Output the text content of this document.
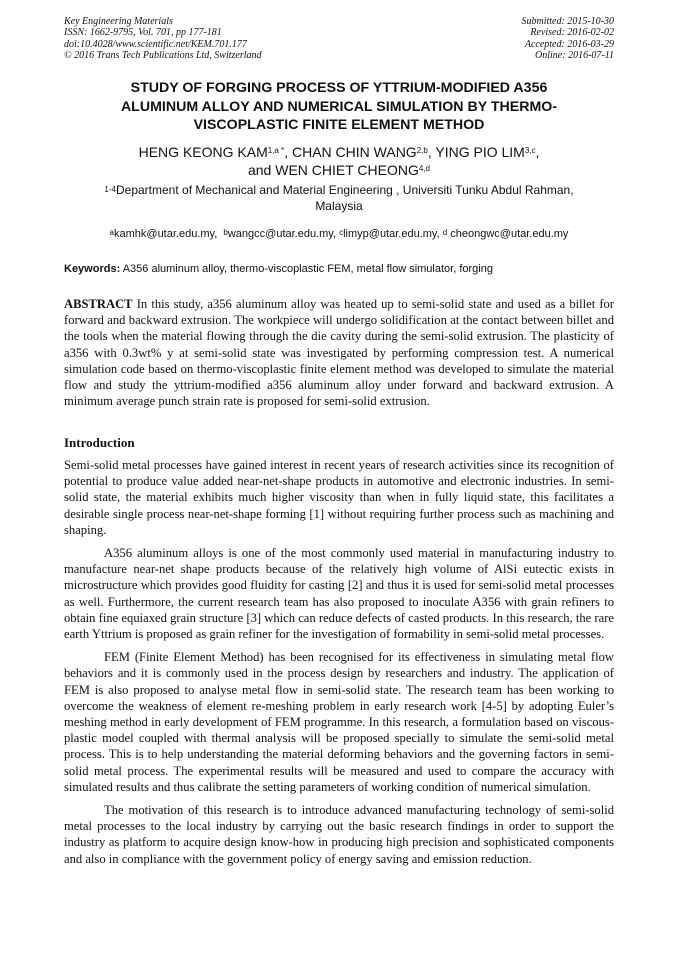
Key Engineering Materials
ISSN: 1662-9795, Vol. 701, pp 177-181
doi:10.4028/www.scientific.net/KEM.701.177
© 2016 Trans Tech Publications Ltd, Switzerland
Submitted: 2015-10-30
Revised: 2016-02-02
Accepted: 2016-03-29
Online: 2016-07-11
STUDY OF FORGING PROCESS OF YTTRIUM-MODIFIED A356
ALUMINUM ALLOY AND NUMERICAL SIMULATION BY THERMO-
VISCOPLASTIC FINITE ELEMENT METHOD
HENG KEONG $KAM^{1,a *}$, CHAN CHIN WANG$^{2,b}$, YING PIO LIM$^{3,c}$,
and WEN CHIET CHEONG$^{4,d}$
$^{1-4}$Department of Mechanical and Material Engineering , Universiti Tunku Abdul Rahman,
Malaysia
$^a$kamhk@utar.edu.my, $^b$wangcc@utar.edu.my, $^c$limyp@utar.edu.my, $^d$ cheongwc@utar.edu.my
Keywords: A356 aluminum alloy, thermo-viscoplastic FEM, metal flow simulator, forging

ABSTRACT In this study, a356 aluminum alloy was heated up to semi-solid state and used as a billet for forward and backward extrusion. The workpiece will undergo solidification at the contact between billet and the tools when the material flowing through the die cavity during the semi-solid extrusion. The plasticity of a356 with 0.3wt% y at semi-solid state was investigated by performing compression test. A numerical simulation code based on thermo-viscoplastic finite element method was developed to simulate the material flow and study the yttrium-modified a356 aluminum alloy under forward and backward extrusion. A minimum average punch strain rate is proposed for semi-solid extrusion.

Introduction

Semi-solid metal processes have gained interest in recent years of research activities since its recognition of potential to produce value added near-net-shape products in automotive and electronic industries. In semi-solid state, the material exhibits much higher viscosity than when in fully liquid state, this facilitates a desirable single process near-net-shape forming [1] without requiring further process such as machining and shaping.

A356 aluminum alloys is one of the most commonly used material in manufacturing industry to manufacture near-net shape products because of the relatively high volume of AlSi eutectic exists in microstructure which provides good fluidity for casting [2] and thus it is used for semi-solid metal processes as well. Furthermore, the current research team has also proposed to inoculate A356 with grain refiners to obtain fine equiaxed grain structure [3] which can reduce defects of casted products. In this research, the rare earth Yttrium is proposed as grain refiner for the investigation of formability in semi-solid metal processes.

FEM (Finite Element Method) has been recognised for its effectiveness in simulating metal flow behaviors and it is commonly used in the process design by researchers and industry. The application of FEM is also proposed to analyse metal flow in semi-solid state. The research team has been working to overcome the weakness of element re-meshing problem in early research work [4-5] by adopting Euler’s meshing method in early development of FEM programme. In this research, a formulation based on viscous-plastic model coupled with thermal analysis will be proposed specially to simulate the semi-solid metal process. This is to help understanding the material deforming behaviors and the governing factors in semi-solid metal process. The experimental results will be measured and used to compare the accuracy with simulated results and thus calibrate the setting parameters of working condition of numerical simulation.

The motivation of this research is to introduce advanced manufacturing technology of semi-solid metal processes to the local industry by carrying out the basic research findings in order to support the industry as platform to acquire design know-how in producing high precision and sophisticated components and also in compliance with the government policy of energy saving and emission reduction.
